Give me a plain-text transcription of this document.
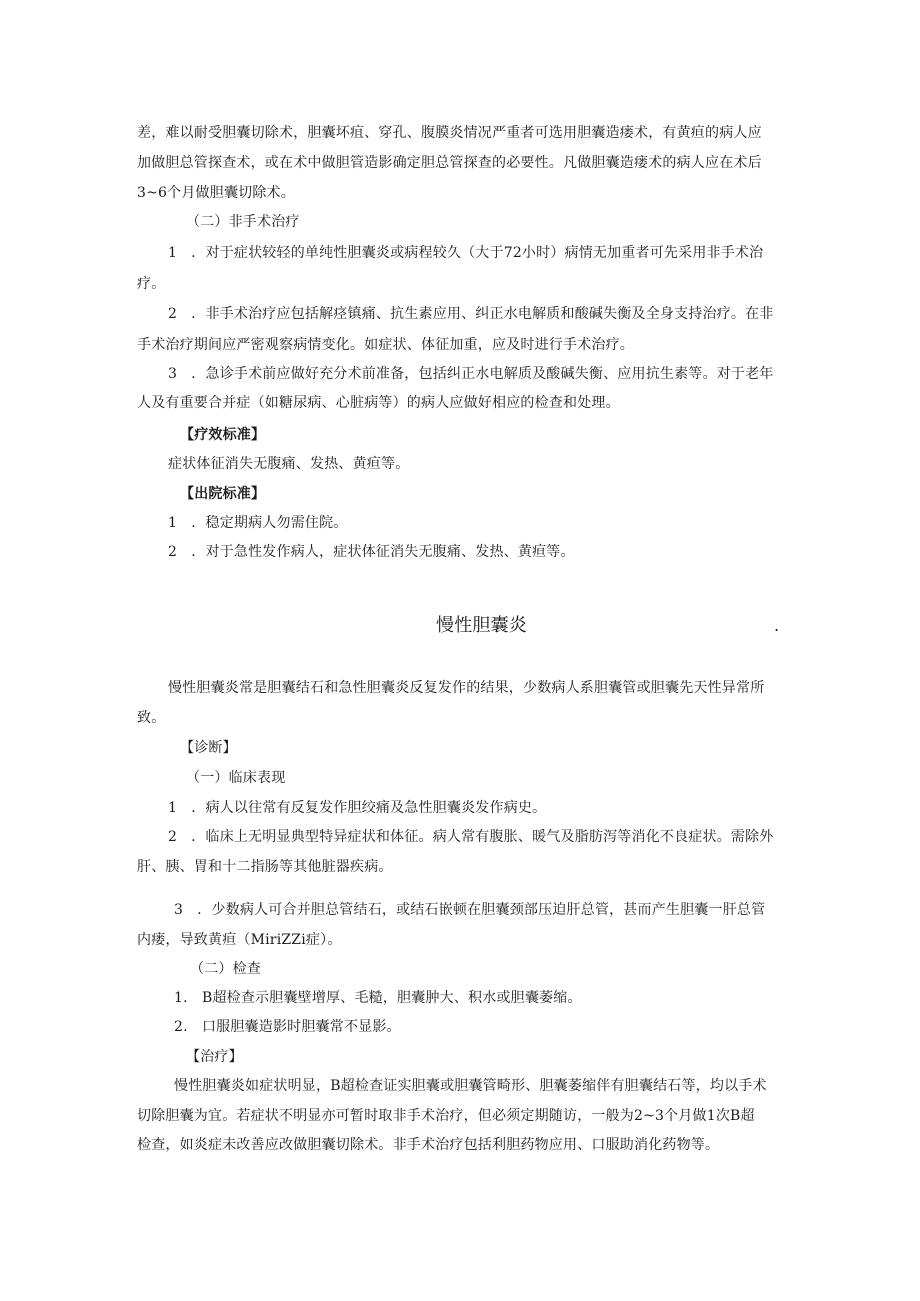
差，难以耐受胆囊切除术，胆囊坏疽、穿孔、腹膜炎情况严重者可选用胆囊造瘘术，有黄疸的病人应

加做胆总管探查术，或在术中做胆管造影确定胆总管探查的必要性。凡做胆囊造瘘术的病人应在术后

3~6个月做胆囊切除术。

（二）非手术治疗

1　．对于症状较轻的单纯性胆囊炎或病程较久（大于72小时）病情无加重者可先采用非手术治

疗。

2　．非手术治疗应包括解痉镇痛、抗生素应用、纠正水电解质和酸碱失衡及全身支持治疗。在非

手术治疗期间应严密观察病情变化。如症状、体征加重，应及时进行手术治疗。

3　．急诊手术前应做好充分术前准备，包括纠正水电解质及酸碱失衡、应用抗生素等。对于老年

人及有重要合并症（如糖尿病、心脏病等）的病人应做好相应的检查和处理。

【疗效标准】

症状体征消失无腹痛、发热、黄疸等。

【出院标准】

1　．稳定期病人勿需住院。

2　．对于急性发作病人，症状体征消失无腹痛、发热、黄疸等。

慢性胆囊炎	.

慢性胆囊炎常是胆囊结石和急性胆囊炎反复发作的结果，少数病人系胆囊管或胆囊先天性异常所

致。

【诊断】

（一）临床表现

1　．病人以往常有反复发作胆绞痛及急性胆囊炎发作病史。

2　．临床上无明显典型特异症状和体征。病人常有腹胀、暖气及脂肪泻等消化不良症状。需除外

肝、胰、胃和十二指肠等其他脏器疾病。

3　．少数病人可合并胆总管结石，或结石嵌顿在胆囊颈部压迫肝总管，甚而产生胆囊一肝总管

内瘘，导致黄疸（MiriZZi症）。

（二）检查

1.　B超检查示胆囊壁增厚、毛糙，胆囊肿大、积水或胆囊萎缩。

2.　口服胆囊造影时胆囊常不显影。

【治疗】

慢性胆囊炎如症状明显，B超检查证实胆囊或胆囊管畸形、胆囊萎缩伴有胆囊结石等，均以手术

切除胆囊为宜。若症状不明显亦可暂时取非手术治疗，但必须定期随访，一般为2~3个月做1次B超

检查，如炎症未改善应改做胆囊切除术。非手术治疗包括利胆药物应用、口服助消化药物等。
